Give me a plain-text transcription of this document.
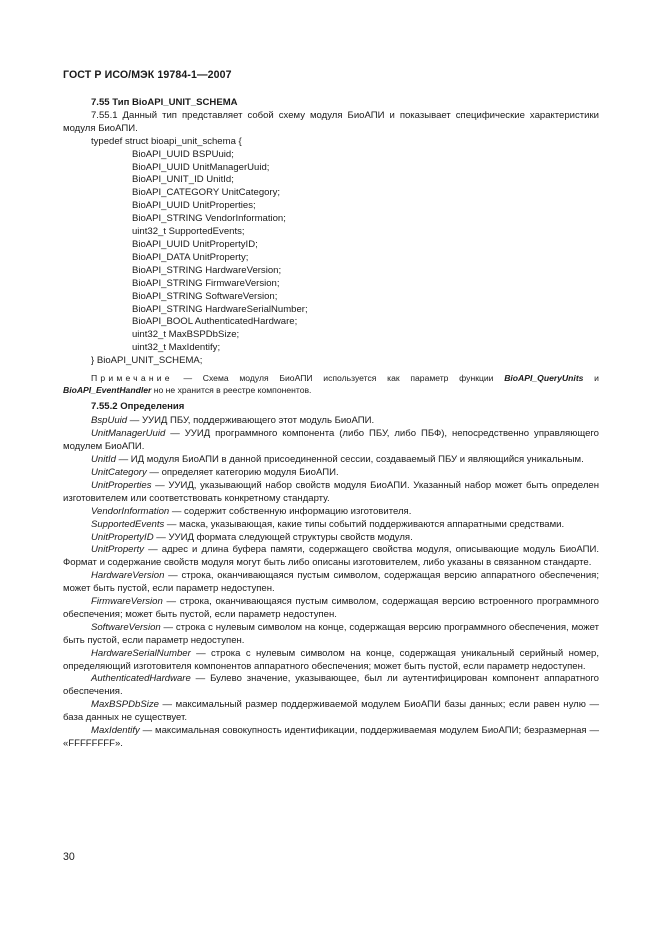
ГОСТ Р ИСО/МЭК 19784-1—2007

7.55 Тип BioAPI_UNIT_SCHEMA

7.55.1 Данный тип представляет собой схему модуля БиоАПИ и показывает специфические характеристики модуля БиоАПИ.

typedef struct bioapi_unit_schema {

BioAPI_UUID BSPUuid;

BioAPI_UUID UnitManagerUuid;

BioAPI_UNIT_ID UnitId;

BioAPI_CATEGORY UnitCategory;

BioAPI_UUID UnitProperties;

BioAPI_STRING VendorInformation;

uint32_t SupportedEvents;

BioAPI_UUID UnitPropertyID;

BioAPI_DATA UnitProperty;

BioAPI_STRING HardwareVersion;

BioAPI_STRING FirmwareVersion;

BioAPI_STRING SoftwareVersion;

BioAPI_STRING HardwareSerialNumber;

BioAPI_BOOL AuthenticatedHardware;

uint32_t MaxBSPDbSize;

uint32_t MaxIdentify;

} BioAPI_UNIT_SCHEMA;

Примечание — Схема модуля БиоАПИ используется как параметр функции BioAPI_QueryUnits и BioAPI_EventHandler но не хранится в реестре компонентов.

7.55.2 Определения

BspUuid — УУИД ПБУ, поддерживающего этот модуль БиоАПИ.

UnitManagerUuid — УУИД программного компонента (либо ПБУ, либо ПБФ), непосредственно управляющего модулем БиоАПИ.

UnitId — ИД модуля БиоАПИ в данной присоединенной сессии, создаваемый ПБУ и являющийся уникальным.

UnitCategory — определяет категорию модуля БиоАПИ.

UnitProperties — УУИД, указывающий набор свойств модуля БиоАПИ. Указанный набор может быть определен изготовителем или соответствовать конкретному стандарту.

VendorInformation — содержит собственную информацию изготовителя.

SupportedEvents — маска, указывающая, какие типы событий поддерживаются аппаратными средствами.

UnitPropertyID — УУИД формата следующей структуры свойств модуля.

UnitProperty — адрес и длина буфера памяти, содержащего свойства модуля, описывающие модуль БиоАПИ. Формат и содержание свойств модуля могут быть либо описаны изготовителем, либо указаны в связанном стандарте.

HardwareVersion — строка, оканчивающаяся пустым символом, содержащая версию аппаратного обеспечения; может быть пустой, если параметр недоступен.

FirmwareVersion — строка, оканчивающаяся пустым символом, содержащая версию встроенного программного обеспечения; может быть пустой, если параметр недоступен.

SoftwareVersion — строка с нулевым символом на конце, содержащая версию программного обеспечения, может быть пустой, если параметр недоступен.

HardwareSerialNumber — строка с нулевым символом на конце, содержащая уникальный серийный номер, определяющий изготовителя компонентов аппаратного обеспечения; может быть пустой, если параметр недоступен.

AuthenticatedHardware — Булево значение, указывающее, был ли аутентифицирован компонент аппаратного обеспечения.

MaxBSPDbSize — максимальный размер поддерживаемой модулем БиоАПИ базы данных; если равен нулю — база данных не существует.

MaxIdentify — максимальная совокупность идентификации, поддерживаемая модулем БиоАПИ; безразмерная — «FFFFFFFF».

30
